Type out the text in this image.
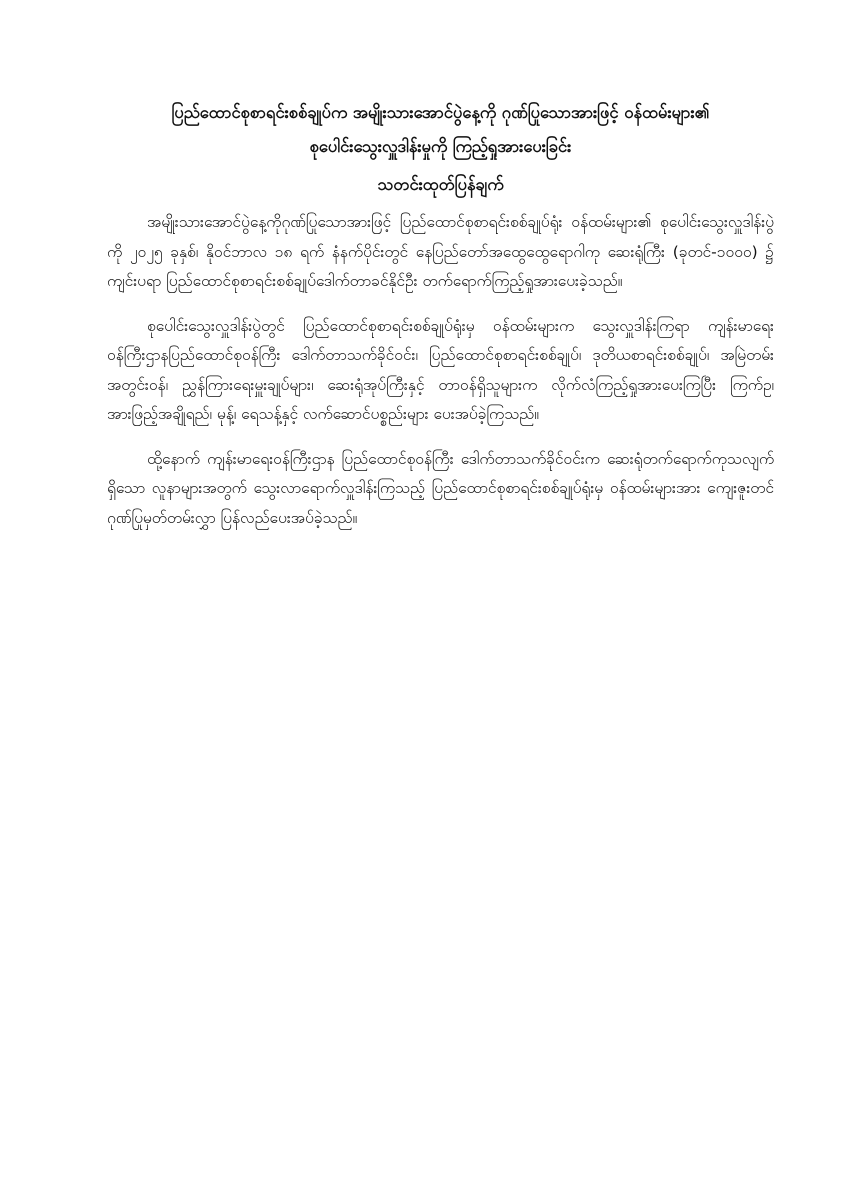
ပြည်ထောင်စုစာရင်းစစ်ချုပ်က အမျိုးသားအောင်ပွဲနေ့ကို ဂုဏ်ပြုသောအားဖြင့် ဝန်ထမ်းများ၏
စုပေါင်းသွေးလှူဒါန်းမှုကို ကြည့်ရှုအားပေးခြင်း
သတင်းထုတ်ပြန်ချက်

အမျိုးသားအောင်ပွဲနေ့ကိုဂုဏ်ပြုသောအားဖြင့် ပြည်ထောင်စုစာရင်းစစ်ချုပ်ရုံး ဝန်ထမ်းများ၏ စုပေါင်းသွေးလှူဒါန်းပွဲကို ၂၀၂၅ ခုနှစ်၊ နိုဝင်ဘာလ ၁၈ ရက် နံနက်ပိုင်းတွင် နေပြည်တော်အထွေထွေရောဂါကု ဆေးရုံကြီး (ခုတင်-၁၀၀၀) ၌ ကျင်းပရာ ပြည်ထောင်စုစာရင်းစစ်ချုပ်ဒေါက်တာခင်နိုင်ဦး တက်ရောက်ကြည့်ရှုအားပေးခဲ့သည်။

စုပေါင်းသွေးလှူဒါန်းပွဲတွင် ပြည်ထောင်စုစာရင်းစစ်ချုပ်ရုံးမှ ဝန်ထမ်းများက သွေးလှူဒါန်းကြရာ ကျန်းမာရေးဝန်ကြီးဌာနပြည်ထောင်စုဝန်ကြီး ဒေါက်တာသက်ခိုင်ဝင်း၊ ပြည်ထောင်စုစာရင်းစစ်ချုပ်၊ ဒုတိယစာရင်းစစ်ချုပ်၊ အမြဲတမ်းအတွင်းဝန်၊ ညွှန်ကြားရေးမှူးချုပ်များ၊ ဆေးရုံအုပ်ကြီးနှင့် တာဝန်ရှိသူများက လိုက်လံကြည့်ရှုအားပေးကြပြီး ကြက်ဥ၊ အားဖြည့်အချိုရည်၊ မုန့်၊ ရေသန့်နှင့် လက်ဆောင်ပစ္စည်းများ ပေးအပ်ခဲ့ကြသည်။

ထို့နောက် ကျန်းမာရေးဝန်ကြီးဌာန ပြည်ထောင်စုဝန်ကြီး ဒေါက်တာသက်ခိုင်ဝင်းက ဆေးရုံတက်ရောက်ကုသလျက်ရှိသော လူနာများအတွက် သွေးလာရောက်လှူဒါန်းကြသည့် ပြည်ထောင်စုစာရင်းစစ်ချုပ်ရုံးမှ ဝန်ထမ်းများအား ကျေးဇူးတင်ဂုဏ်ပြုမှတ်တမ်းလွှာ ပြန်လည်ပေးအပ်ခဲ့သည်။
